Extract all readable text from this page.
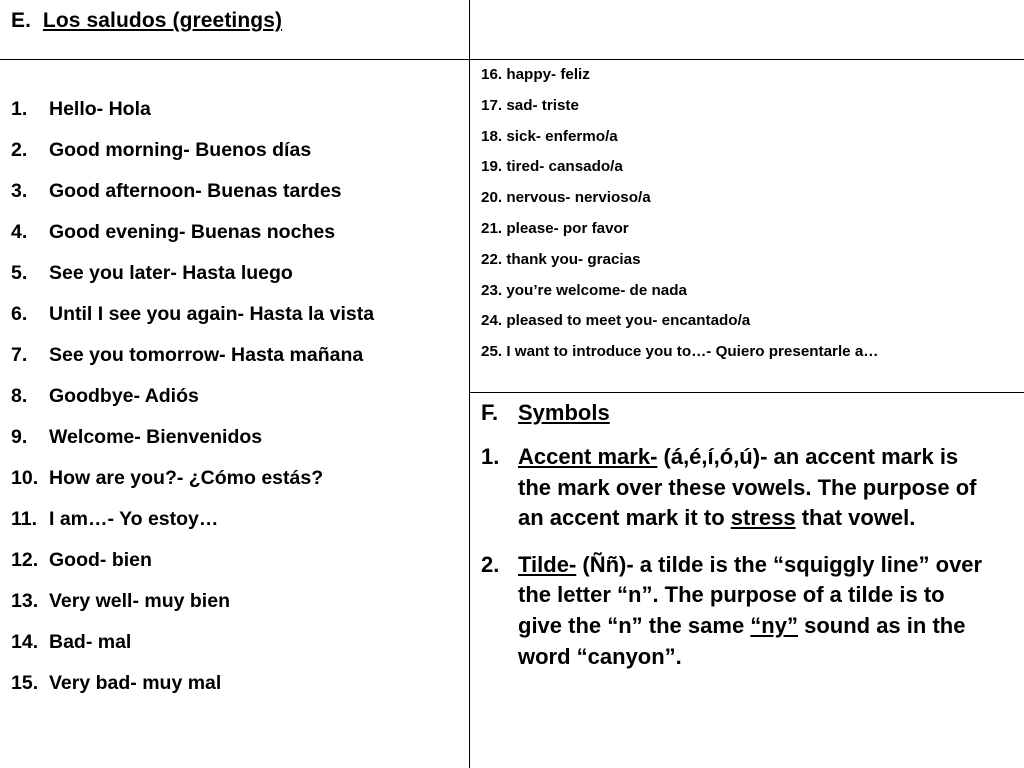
E. Los saludos (greetings)
1.	Hello- Hola
2.	Good morning- Buenos días
3.	Good afternoon- Buenas tardes
4.	Good evening- Buenas noches
5.	See you later- Hasta luego
6.	Until I see you again- Hasta la vista
7.	See you tomorrow- Hasta mañana
8.	Goodbye- Adiós
9.	Welcome- Bienvenidos
10. How are you?- ¿Cómo estás?
11. I am…- Yo estoy…
12. Good- bien
13. Very well- muy bien
14. Bad- mal
15. Very bad- muy mal
16. happy- feliz
17. sad- triste
18. sick- enfermo/a
19. tired- cansado/a
20. nervous- nervioso/a
21. please- por favor
22. thank you- gracias
23. you’re welcome- de nada
24. pleased to meet you- encantado/a
25. I want to introduce you to…- Quiero presentarle a…
F. Symbols
1. Accent mark- (á,é,í,ó,ú)- an accent mark is the mark over these vowels. The purpose of an accent mark it to stress that vowel.
2. Tilde- (Ññ)- a tilde is the “squiggly line” over the letter “n”. The purpose of a tilde is to give the “n” the same “ny” sound as in the word “canyon”.
